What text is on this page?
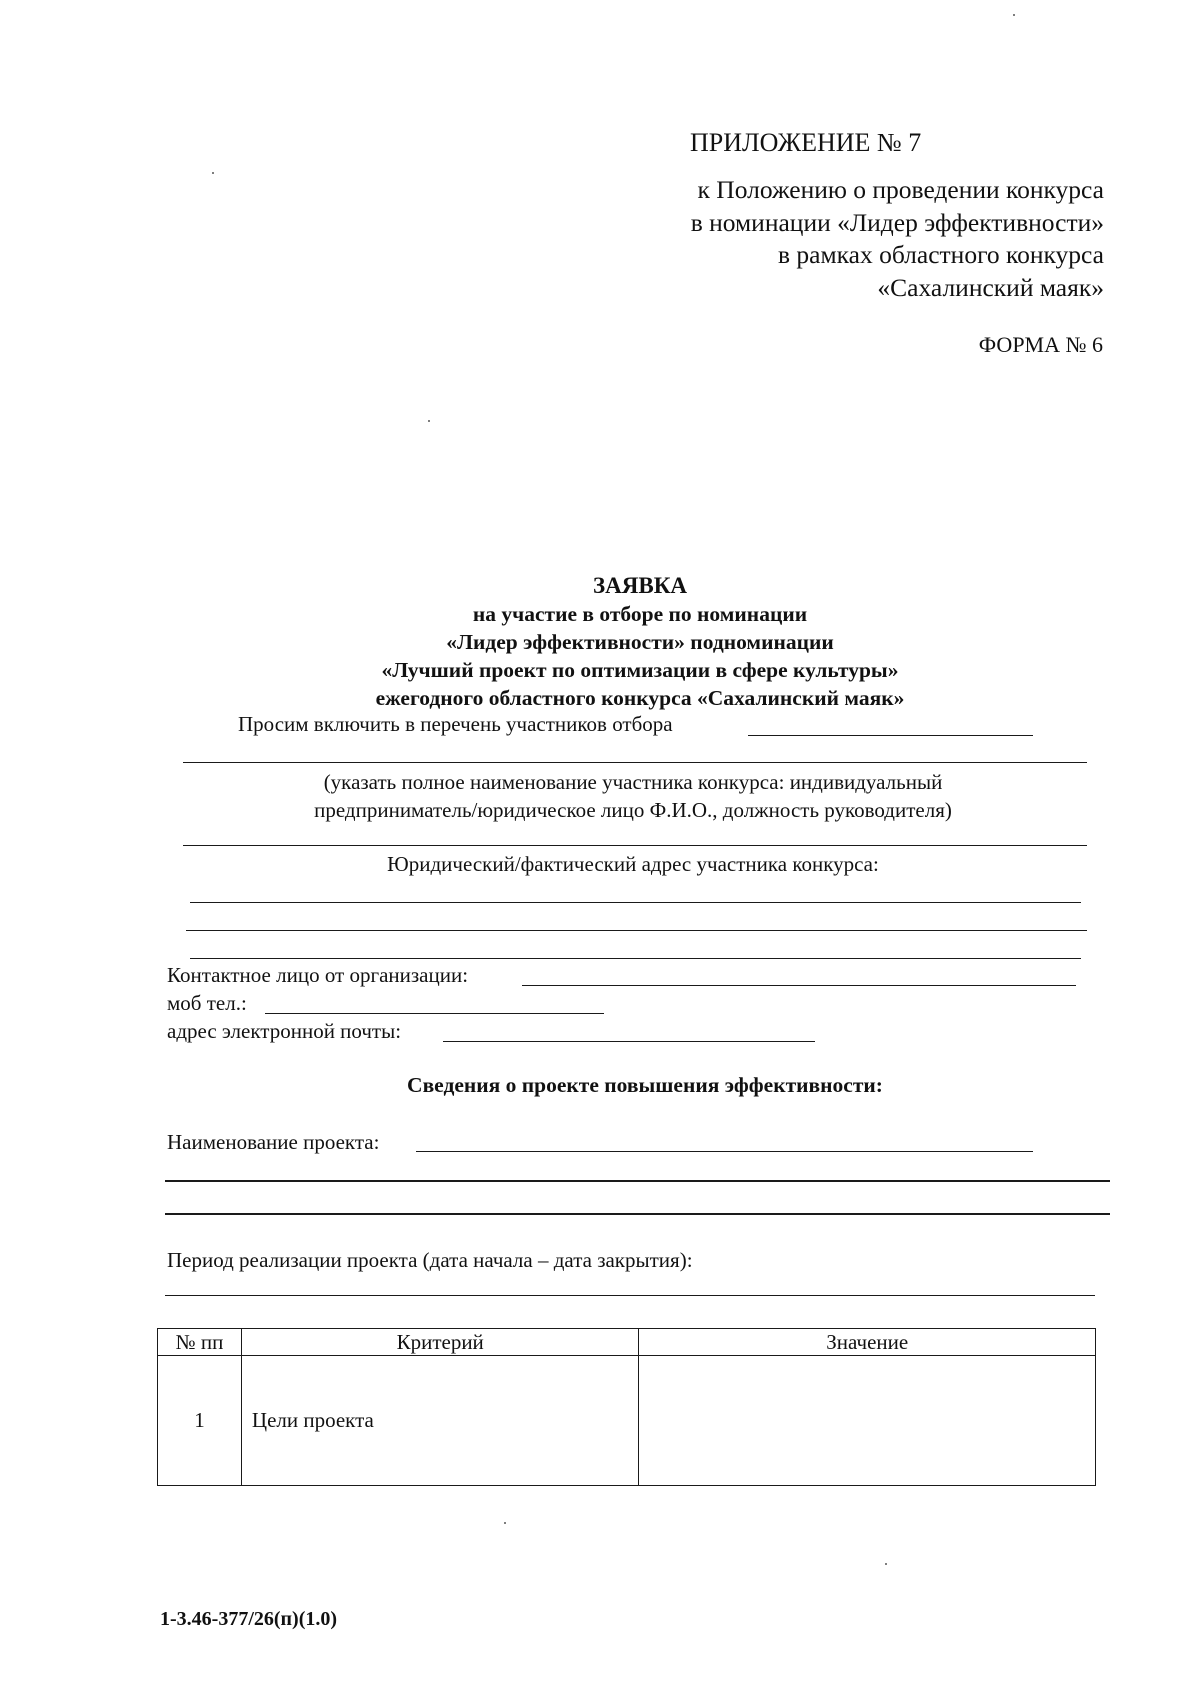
ПРИЛОЖЕНИЕ № 7
к Положению о проведении конкурса
в номинации «Лидер эффективности»
в рамках областного конкурса
«Сахалинский маяк»
ФОРМА № 6
ЗАЯВКА
на участие в отборе по номинации
«Лидер эффективности» подноминации
«Лучший проект по оптимизации в сфере культуры»
ежегодного областного конкурса «Сахалинский маяк»
Просим включить в перечень участников отбора
(указать полное наименование участника конкурса: индивидуальный
предприниматель/юридическое лицо Ф.И.О., должность руководителя)
Юридический/фактический адрес участника конкурса:
Контактное лицо от организации:
моб тел.:
адрес электронной почты:
Сведения о проекте повышения эффективности:
Наименование проекта:
Период реализации проекта (дата начала – дата закрытия):
№ пп	Критерий	Значение
1	Цели проекта	
1-3.46-377/26(п)(1.0)
